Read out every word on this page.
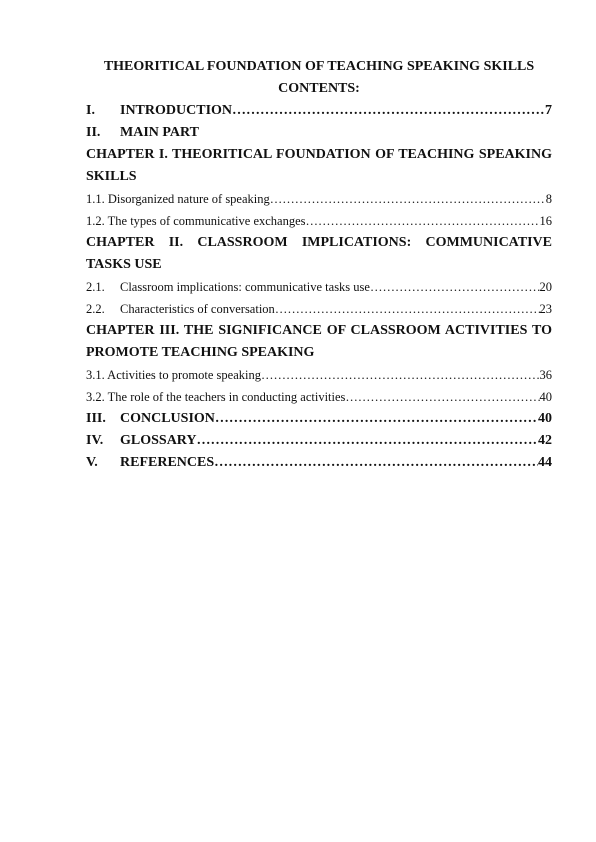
THEORITICAL FOUNDATION OF TEACHING SPEAKING SKILLS
CONTENTS:
I.	INTRODUCTION …………………………………………………………………………………………………………………………………………………………………………	7
II.	MAIN PART
CHAPTER I. THEORITICAL FOUNDATION OF TEACHING SPEAKING
SKILLS
1.1. Disorganized nature of speaking …………………………………………………………………………………………………………………………………………………………………………	8
1.2. The types of communicative exchanges …………………………………………………………………………………………………………………………………………………………………………	16
CHAPTER II. CLASSROOM IMPLICATIONS: COMMUNICATIVE
TASKS USE
2.1.	Classroom implications: communicative tasks use …………………………………………………………………………………………………………………………………………………………………………	20
2.2.	Characteristics of conversation …………………………………………………………………………………………………………………………………………………………………………	23
CHAPTER III. THE SIGNIFICANCE OF CLASSROOM ACTIVITIES TO
PROMOTE TEACHING SPEAKING
3.1. Activities to promote speaking …………………………………………………………………………………………………………………………………………………………………………	36
3.2. The role of the teachers in conducting activities …………………………………………………………………………………………………………………………………………………………………………	40
III.	CONCLUSION …………………………………………………………………………………………………………………………………………………………………………	40
IV.	GLOSSARY …………………………………………………………………………………………………………………………………………………………………………	42
V.	REFERENCES …………………………………………………………………………………………………………………………………………………………………………	44
